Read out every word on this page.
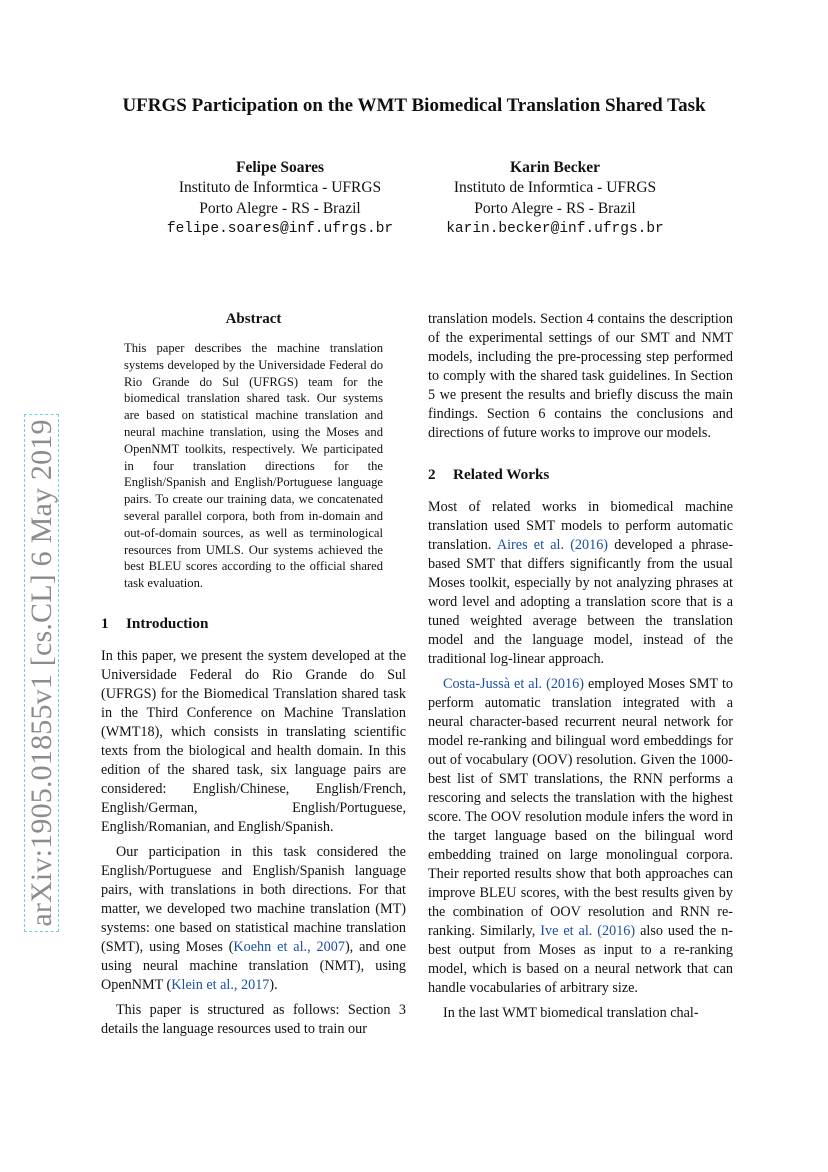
UFRGS Participation on the WMT Biomedical Translation Shared Task
Felipe Soares
Instituto de Informtica - UFRGS
Porto Alegre - RS - Brazil
felipe.soares@inf.ufrgs.br
Karin Becker
Instituto de Informtica - UFRGS
Porto Alegre - RS - Brazil
karin.becker@inf.ufrgs.br
arXiv:1905.01855v1 [cs.CL] 6 May 2019
Abstract
This paper describes the machine translation systems developed by the Universidade Federal do Rio Grande do Sul (UFRGS) team for the biomedical translation shared task. Our systems are based on statistical machine translation and neural machine translation, using the Moses and OpenNMT toolkits, respectively. We participated in four translation directions for the English/Spanish and English/Portuguese language pairs. To create our training data, we concatenated several parallel corpora, both from in-domain and out-of-domain sources, as well as terminological resources from UMLS. Our systems achieved the best BLEU scores according to the official shared task evaluation.
1 Introduction

In this paper, we present the system developed at the Universidade Federal do Rio Grande do Sul (UFRGS) for the Biomedical Translation shared task in the Third Conference on Machine Translation (WMT18), which consists in translating scientific texts from the biological and health domain. In this edition of the shared task, six language pairs are considered: English/Chinese, English/French, English/German, English/Portuguese, English/Romanian, and English/Spanish.

Our participation in this task considered the English/Portuguese and English/Spanish language pairs, with translations in both directions. For that matter, we developed two machine translation (MT) systems: one based on statistical machine translation (SMT), using Moses (Koehn et al., 2007), and one using neural machine translation (NMT), using OpenNMT (Klein et al., 2017).

This paper is structured as follows: Section 3 details the language resources used to train our

translation models. Section 4 contains the description of the experimental settings of our SMT and NMT models, including the pre-processing step performed to comply with the shared task guidelines. In Section 5 we present the results and briefly discuss the main findings. Section 6 contains the conclusions and directions of future works to improve our models.

2 Related Works

Most of related works in biomedical machine translation used SMT models to perform automatic translation. Aires et al. (2016) developed a phrase-based SMT that differs significantly from the usual Moses toolkit, especially by not analyzing phrases at word level and adopting a translation score that is a tuned weighted average between the translation model and the language model, instead of the traditional log-linear approach.

Costa-Jussà et al. (2016) employed Moses SMT to perform automatic translation integrated with a neural character-based recurrent neural network for model re-ranking and bilingual word embeddings for out of vocabulary (OOV) resolution. Given the 1000-best list of SMT translations, the RNN performs a rescoring and selects the translation with the highest score. The OOV resolution module infers the word in the target language based on the bilingual word embedding trained on large monolingual corpora. Their reported results show that both approaches can improve BLEU scores, with the best results given by the combination of OOV resolution and RNN re-ranking. Similarly, Ive et al. (2016) also used the n-best output from Moses as input to a re-ranking model, which is based on a neural network that can handle vocabularies of arbitrary size.

In the last WMT biomedical translation chal-
